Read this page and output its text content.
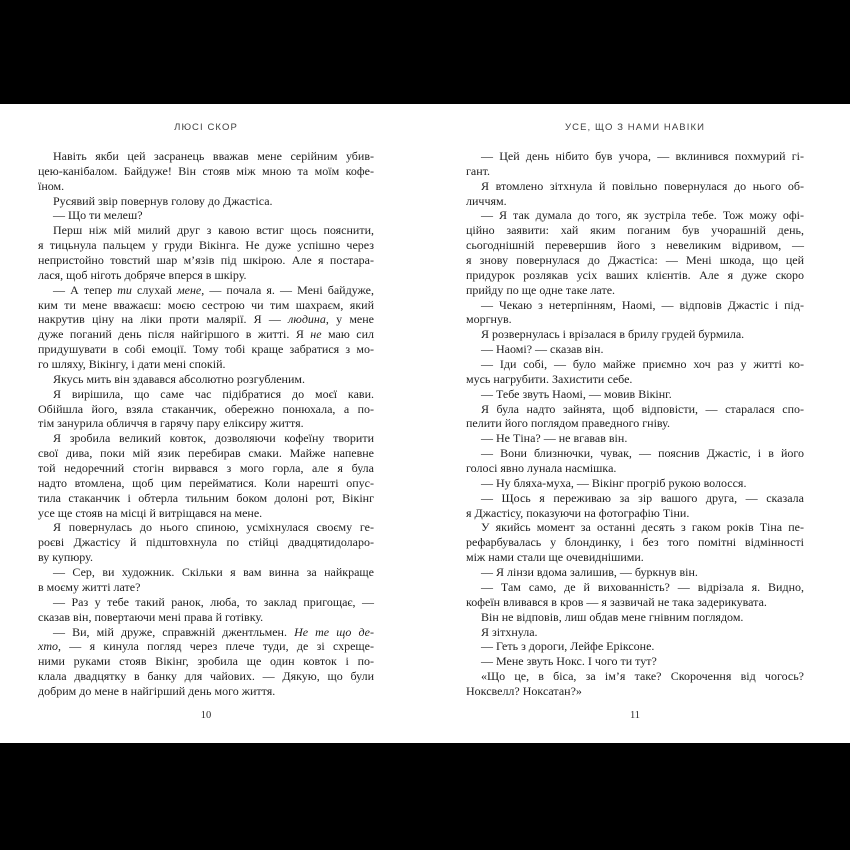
ЛЮСІ СКОР
Навіть якби цей засранець вважав мене серійним убив-
цею-канібалом. Байдуже! Він стояв між мною та моїм кофе-
їном.
Русявий звір повернув голову до Джастіса.
— Що ти мелеш?
Перш ніж мій милий друг з кавою встиг щось пояснити,
я тицьнула пальцем у груди Вікінга. Не дуже успішно через
непристойно товстий шар м’язів під шкірою. Але я постара-
лася, щоб ніготь добряче вперся в шкіру.
— А тепер ти слухай мене, — почала я. — Мені байдуже,
ким ти мене вважаєш: моєю сестрою чи тим шахраєм, який
накрутив ціну на ліки проти малярії. Я — людина, у мене
дуже поганий день після найгіршого в житті. Я не маю сил
придушувати в собі емоції. Тому тобі краще забратися з мо-
го шляху, Вікінгу, і дати мені спокій.
Якусь мить він здавався абсолютно розгубленим.
Я вирішила, що саме час підібратися до моєї кави.
Обійшла його, взяла стаканчик, обережно понюхала, а по-
тім занурила обличчя в гарячу пару еліксиру життя.
Я зробила великий ковток, дозволяючи кофеїну творити
свої дива, поки мій язик перебирав смаки. Майже напевне
той недоречний стогін вирвався з мого горла, але я була
надто втомлена, щоб цим перейматися. Коли нарешті опус-
тила стаканчик і обтерла тильним боком долоні рот, Вікінг
усе ще стояв на місці й витріщався на мене.
Я повернулась до нього спиною, усміхнулася своєму ге-
роєві Джастісу й підштовхнула по стійці двадцятидоларо-
ву купюру.
— Сер, ви художник. Скільки я вам винна за найкраще
в моєму житті лате?
— Раз у тебе такий ранок, люба, то заклад пригощає, —
сказав він, повертаючи мені права й готівку.
— Ви, мій друже, справжній джентльмен. Не те що де-
хто, — я кинула погляд через плече туди, де зі схреще-
ними руками стояв Вікінг, зробила ще один ковток і по-
клала двадцятку в банку для чайових. — Дякую, що були
добрим до мене в найгірший день мого життя.
10
УСЕ, ЩО З НАМИ НАВІКИ
— Цей день нібито був учора, — вклинився похмурий гі-
гант.
Я втомлено зітхнула й повільно повернулася до нього об-
личчям.
— Я так думала до того, як зустріла тебе. Тож можу офі-
ційно заявити: хай яким поганим був учорашній день,
сьогоднішній перевершив його з невеликим відривом, —
я знову повернулася до Джастіса: — Мені шкода, що цей
придурок розлякав усіх ваших клієнтів. Але я дуже скоро
прийду по ще одне таке лате.
— Чекаю з нетерпінням, Наомі, — відповів Джастіс і під-
моргнув.
Я розвернулась і врізалася в брилу грудей бурмила.
— Наомі? — сказав він.
— Іди собі, — було майже приємно хоч раз у житті ко-
мусь нагрубити. Захистити себе.
— Тебе звуть Наомі, — мовив Вікінг.
Я була надто зайнята, щоб відповісти, — старалася спо-
пелити його поглядом праведного гніву.
— Не Тіна? — не вгавав він.
— Вони близнючки, чувак, — пояснив Джастіс, і в його
голосі явно лунала насмішка.
— Ну бляха-муха, — Вікінг прогріб рукою волосся.
— Щось я переживаю за зір вашого друга, — сказала
я Джастісу, показуючи на фотографію Тіни.
У якийсь момент за останні десять з гаком років Тіна пе-
рефарбувалась у блондинку, і без того помітні відмінності
між нами стали ще очевиднішими.
— Я лінзи вдома залишив, — буркнув він.
— Там само, де й вихованність? — відрізала я. Видно,
кофеїн вливався в кров — я зазвичай не така задерикувата.
Він не відповів, лиш обдав мене гнівним поглядом.
Я зітхнула.
— Геть з дороги, Лейфе Еріксоне.
— Мене звуть Нокс. І чого ти тут?
«Що це, в біса, за ім’я таке? Скорочення від чогось?
Ноксвелл? Ноксатан?»
11
